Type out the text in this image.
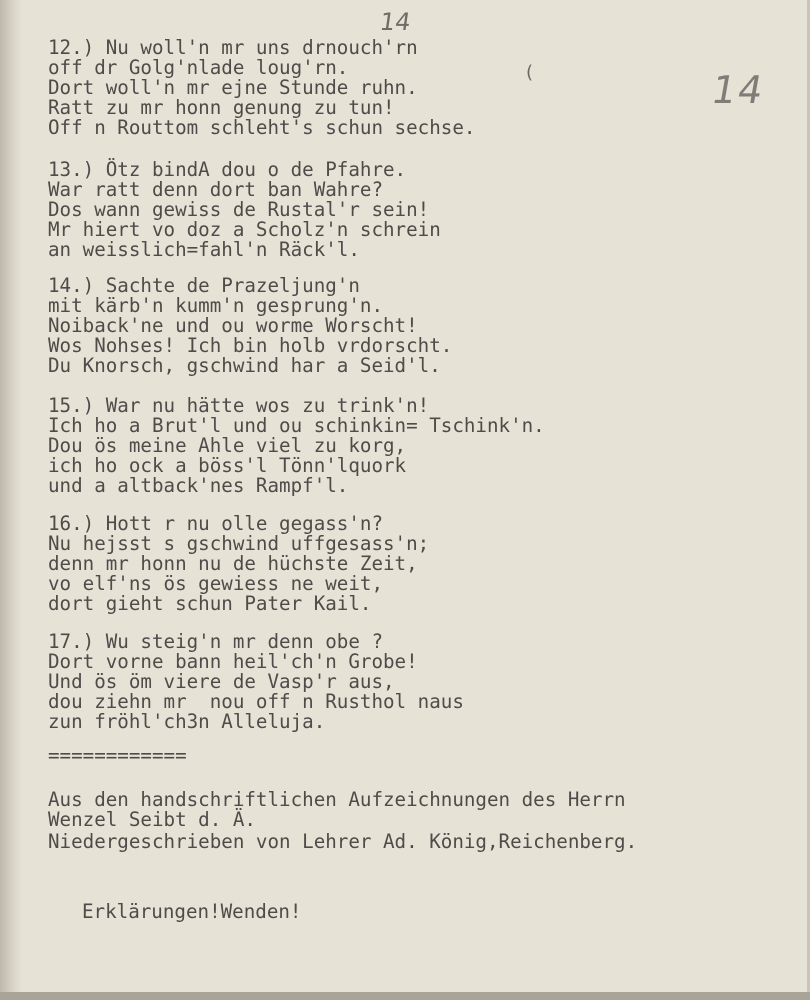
14
14
12.) Nu woll'n mr uns drnouch'rn
off dr Golg'nlade loug'rn.
Dort woll'n mr ejne Stunde ruhn.
Ratt zu mr honn genung zu tun!
Off n Routtom schleht's schun sechse.
13.) Ötz bindA dou o de Pfahre.
War ratt denn dort ban Wahre?
Dos wann gewiss de Rustal'r sein!
Mr hiert vo doz a Scholz'n schrein
an weisslich=fahl'n Räck'l.
14.) Sachte de Prazeljung'n
mit kärb'n kumm'n gesprung'n.
Noiback'ne und ou worme Worscht!
Wos Nohses! Ich bin holb vrdorscht.
Du Knorsch, gschwind har a Seid'l.
15.) War nu hätte wos zu trink'n!
Ich ho a Brut'l und ou schinkin= Tschink'n.
Dou ös meine Ahle viel zu korg,
ich ho ock a böss'l Tönn'lquork
und a altback'nes Rampf'l.
16.) Hott r nu olle gegass'n?
Nu hejsst s gschwind uffgesass'n;
denn mr honn nu de hüchste Zeit,
vo elf'ns ös gewiess ne weit,
dort gieht schun Pater Kail.
17.) Wu steig'n mr denn obe ?
Dort vorne bann heil'ch'n Grobe!
Und ös öm viere de Vasp'r aus,
dou ziehn mr  nou off n Rusthol naus
zun fröhl'ch3n Alleluja.
============
Aus den handschriftlichen Aufzeichnungen des Herrn
Wenzel Seibt d. Ä.
Niedergeschrieben von Lehrer Ad. König,Reichenberg.
Erklärungen!Wenden!
(
